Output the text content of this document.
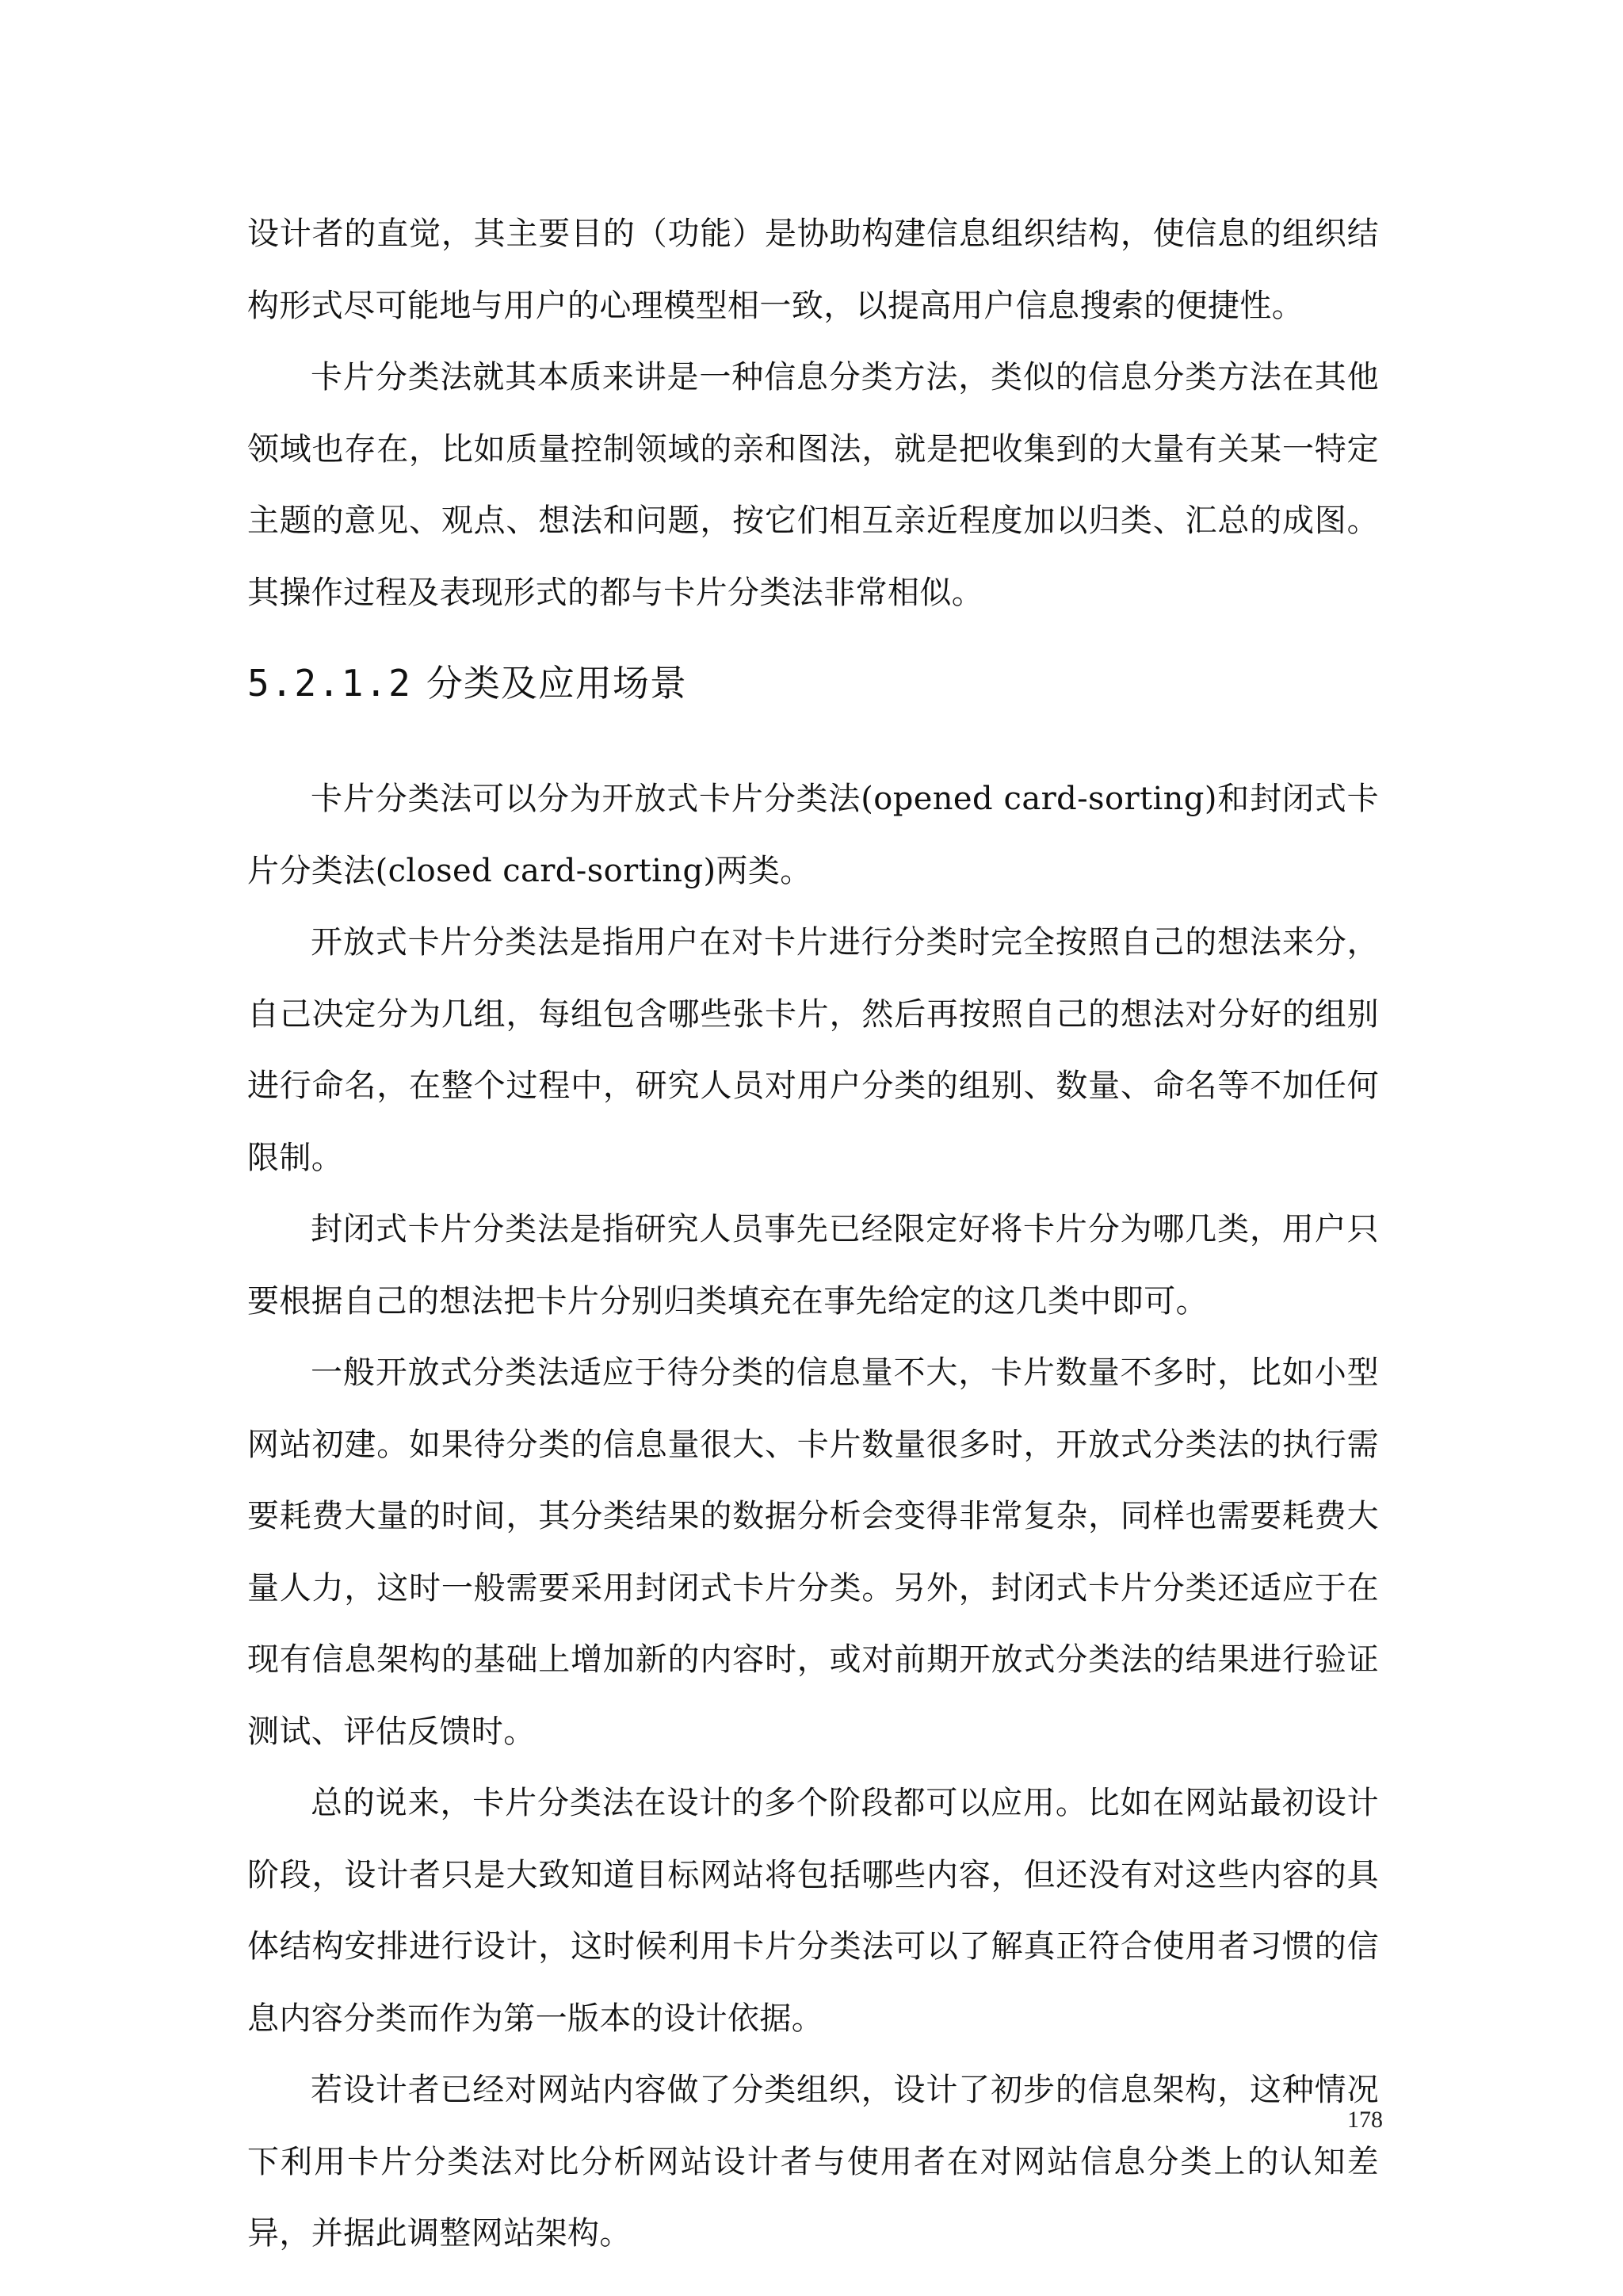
设计者的直觉，其主要目的（功能）是协助构建信息组织结构，使信息的组织结构形式尽可能地与用户的心理模型相一致，以提高用户信息搜索的便捷性。

卡片分类法就其本质来讲是一种信息分类方法，类似的信息分类方法在其他领域也存在，比如质量控制领域的亲和图法，就是把收集到的大量有关某一特定主题的意见、观点、想法和问题，按它们相互亲近程度加以归类、汇总的成图。其操作过程及表现形式的都与卡片分类法非常相似。

5.2.1.2 分类及应用场景

卡片分类法可以分为开放式卡片分类法(opened card-sorting)和封闭式卡片分类法(closed card-sorting)两类。

开放式卡片分类法是指用户在对卡片进行分类时完全按照自己的想法来分，自己决定分为几组，每组包含哪些张卡片，然后再按照自己的想法对分好的组别进行命名，在整个过程中，研究人员对用户分类的组别、数量、命名等不加任何限制。

封闭式卡片分类法是指研究人员事先已经限定好将卡片分为哪几类，用户只要根据自己的想法把卡片分别归类填充在事先给定的这几类中即可。

一般开放式分类法适应于待分类的信息量不大，卡片数量不多时，比如小型网站初建。如果待分类的信息量很大、卡片数量很多时，开放式分类法的执行需要耗费大量的时间，其分类结果的数据分析会变得非常复杂，同样也需要耗费大量人力，这时一般需要采用封闭式卡片分类。另外，封闭式卡片分类还适应于在现有信息架构的基础上增加新的内容时，或对前期开放式分类法的结果进行验证测试、评估反馈时。

总的说来，卡片分类法在设计的多个阶段都可以应用。比如在网站最初设计阶段，设计者只是大致知道目标网站将包括哪些内容，但还没有对这些内容的具体结构安排进行设计，这时候利用卡片分类法可以了解真正符合使用者习惯的信息内容分类而作为第一版本的设计依据。

若设计者已经对网站内容做了分类组织，设计了初步的信息架构，这种情况下利用卡片分类法对比分析网站设计者与使用者在对网站信息分类上的认知差异，并据此调整网站架构。

178
